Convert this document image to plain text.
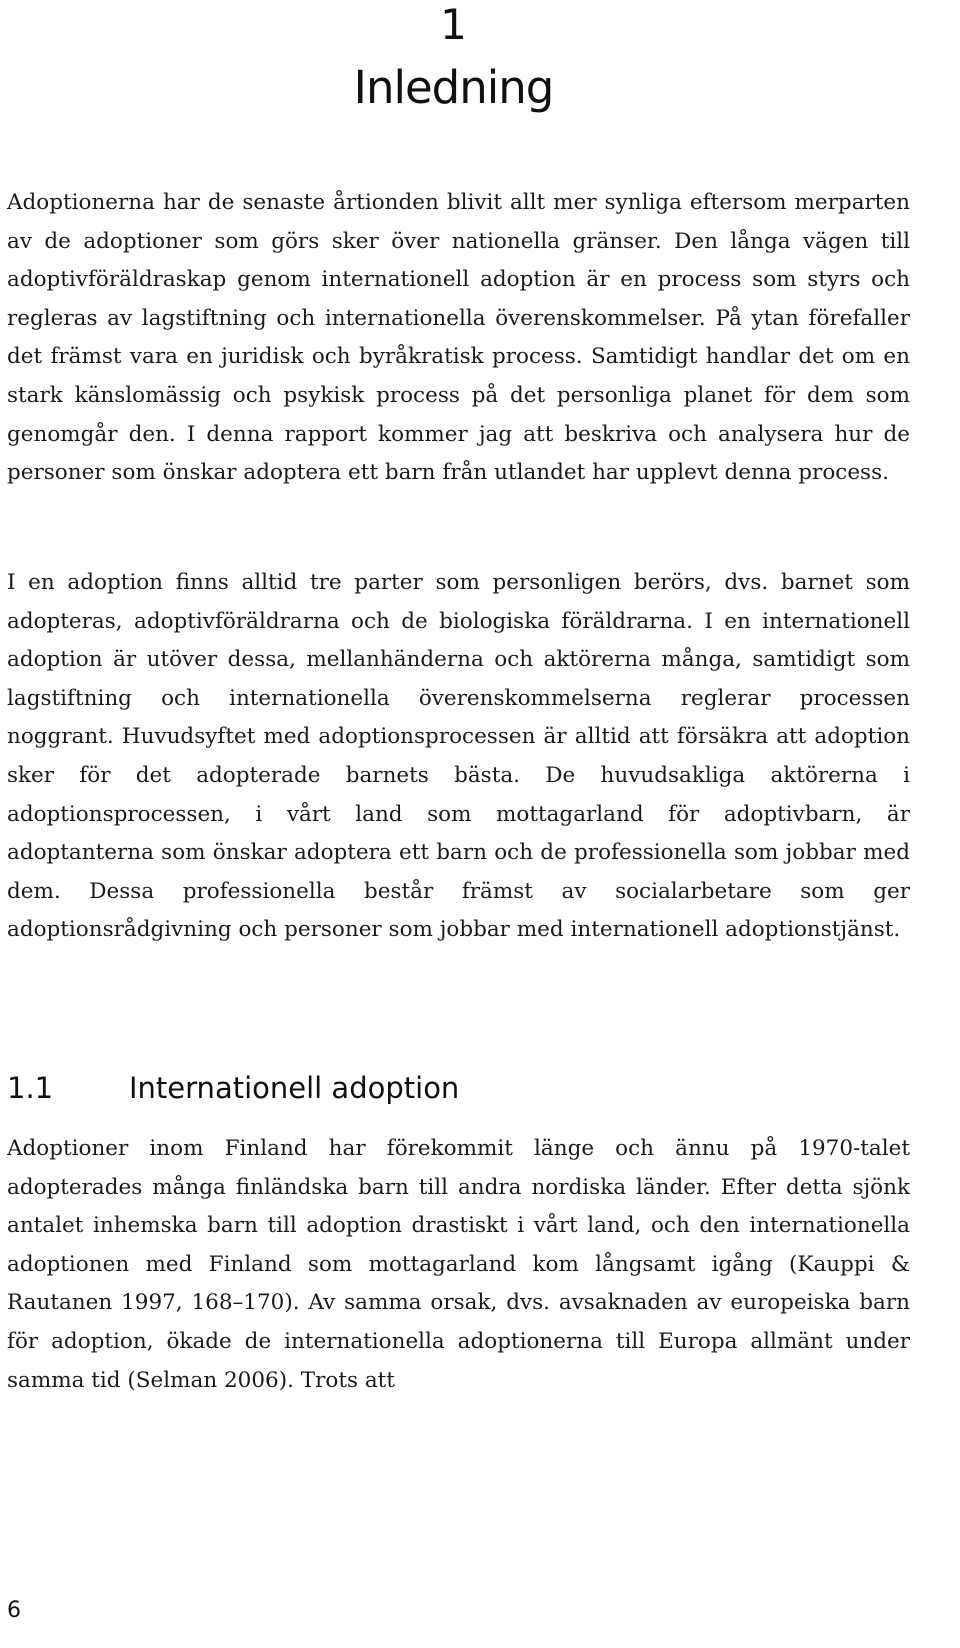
1
Inledning

Adoptionerna har de senaste årtionden blivit allt mer synliga eftersom merparten av de adoptioner som görs sker över nationella gränser. Den långa vägen till adoptivföräldraskap genom internationell adoption är en process som styrs och regleras av lagstiftning och internationella överenskommelser. På ytan förefaller det främst vara en juridisk och byråkratisk process. Samtidigt handlar det om en stark känslomässig och psykisk process på det personliga planet för dem som genomgår den. I denna rapport kommer jag att beskriva och analysera hur de personer som önskar adoptera ett barn från utlandet har upplevt denna process.

I en adoption finns alltid tre parter som personligen berörs, dvs. barnet som adopteras, adoptivföräldrarna och de biologiska föräldrarna. I en internationell adoption är utöver dessa, mellanhänderna och aktörerna många, samtidigt som lagstiftning och internationella överenskommelserna reglerar processen noggrant. Huvudsyftet med adoptionsprocessen är alltid att försäkra att adoption sker för det adopterade barnets bästa. De huvudsakliga aktörerna i adoptionsprocessen, i vårt land som mottagarland för adoptivbarn, är adoptanterna som önskar adoptera ett barn och de professionella som jobbar med dem. Dessa professionella består främst av socialarbetare som ger adoptionsrådgivning och personer som jobbar med internationell adoptionstjänst.

1.1	Internationell adoption

Adoptioner inom Finland har förekommit länge och ännu på 1970-talet adopterades många finländska barn till andra nordiska länder. Efter detta sjönk antalet inhemska barn till adoption drastiskt i vårt land, och den internationella adoptionen med Finland som mottagarland kom långsamt igång (Kauppi & Rautanen 1997, 168–170). Av samma orsak, dvs. avsaknaden av europeiska barn för adoption, ökade de internationella adoptionerna till Europa allmänt under samma tid (Selman 2006). Trots att

6
